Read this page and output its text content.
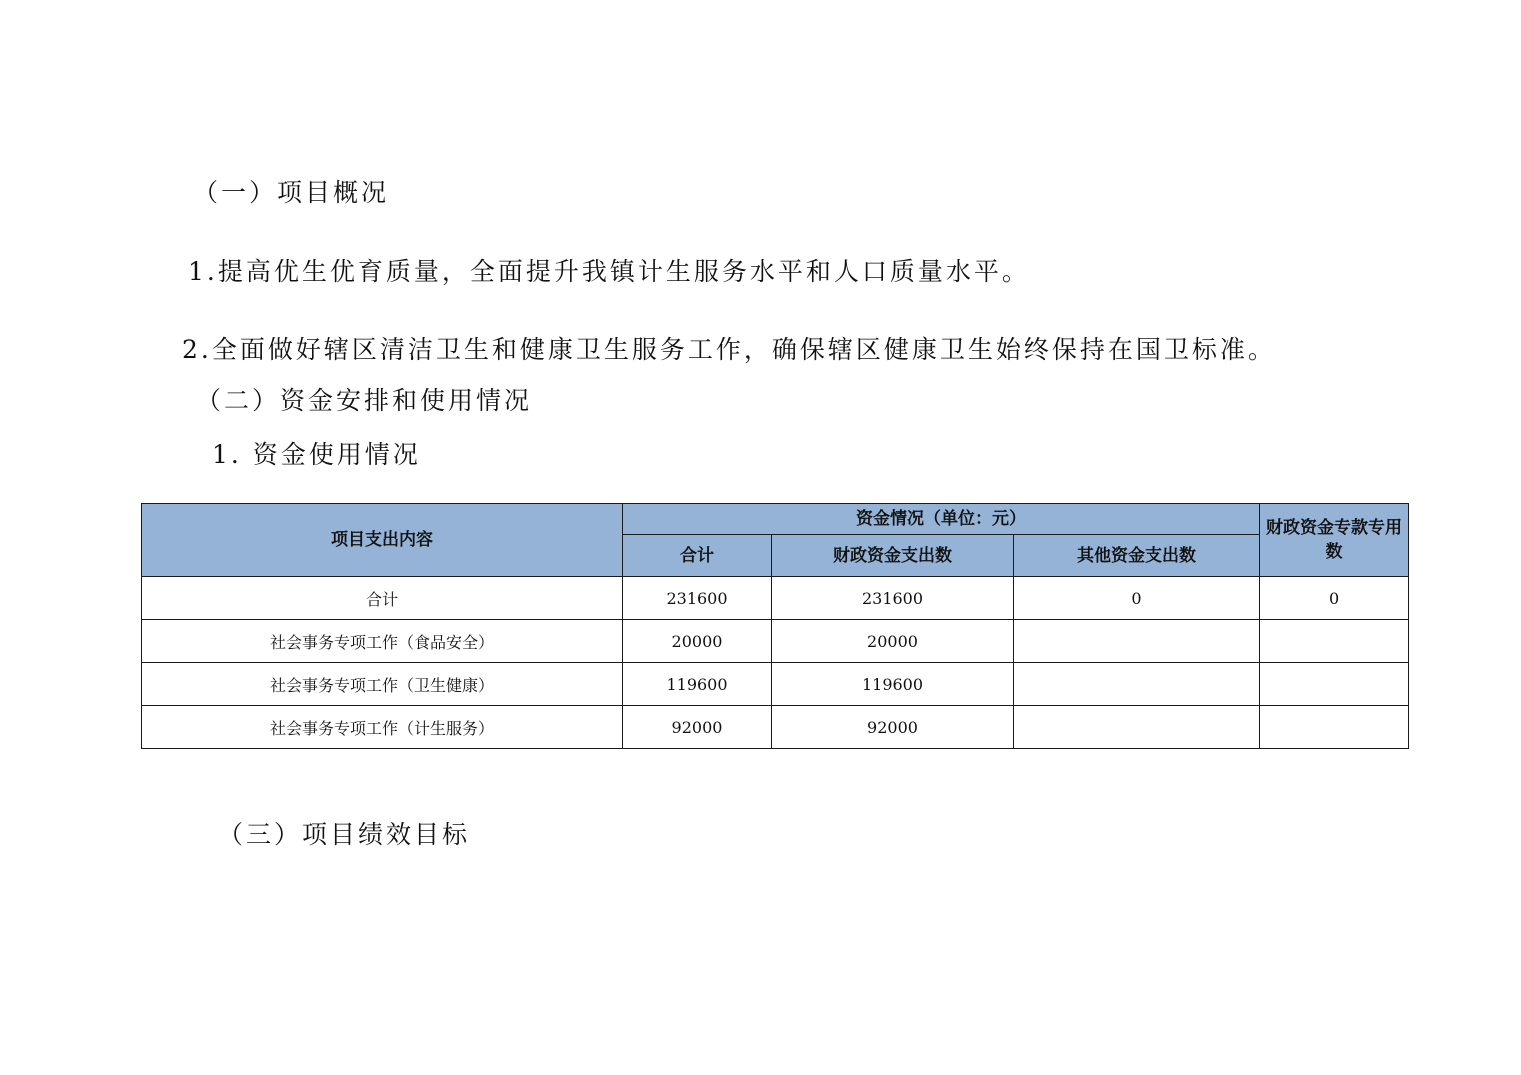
（一）项目概况
1.提高优生优育质量，全面提升我镇计生服务水平和人口质量水平。
2.全面做好辖区清洁卫生和健康卫生服务工作，确保辖区健康卫生始终保持在国卫标准。
（二）资金安排和使用情况
1. 资金使用情况
项目支出内容	资金情况（单位：元）			财政资金专款专用数
	合计	财政资金支出数	其他资金支出数	
合计	231600	231600	0	0
社会事务专项工作（食品安全）	20000	20000		
社会事务专项工作（卫生健康）	119600	119600		
社会事务专项工作（计生服务）	92000	92000		
（三）项目绩效目标
